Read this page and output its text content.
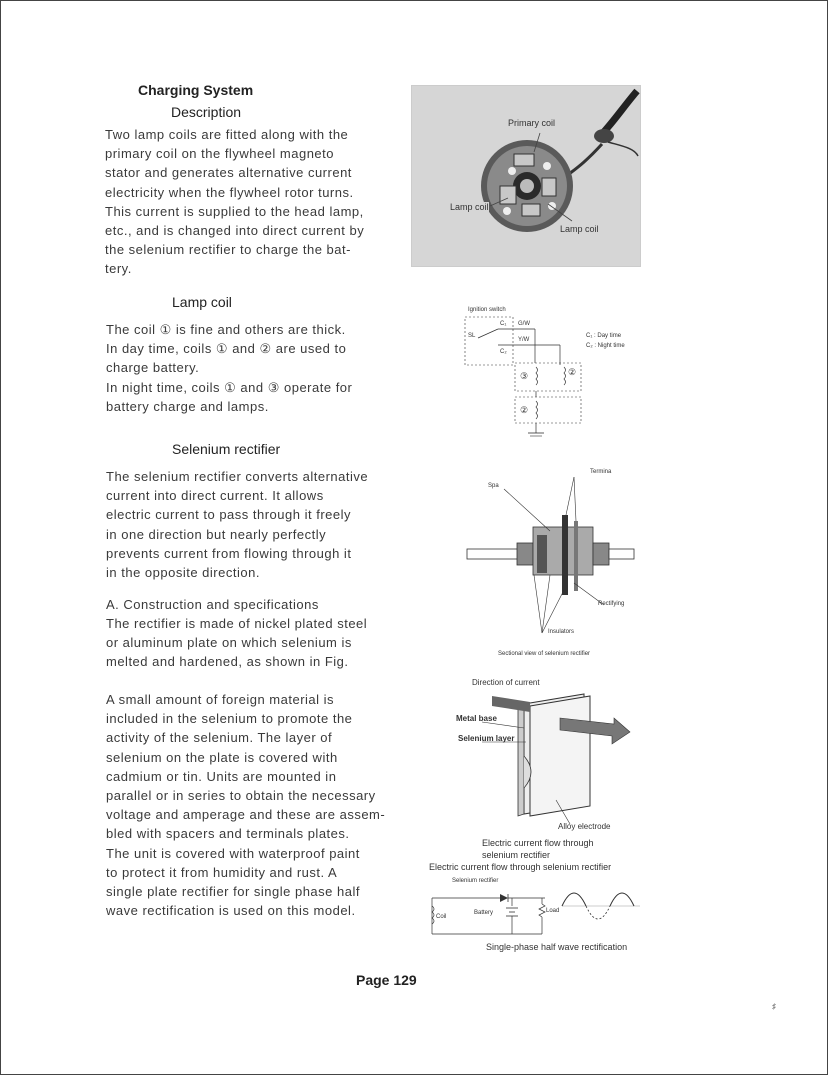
Charging System
Description
Two lamp coils are fitted along with the
primary coil on the flywheel magneto
stator and generates alternative current
electricity when the flywheel rotor turns.
This current is supplied to the head lamp,
etc., and is changed into direct current by
the selenium rectifier to charge the bat-
tery.
Lamp coil
The coil ① is fine and others are thick.
In day time, coils ① and ② are used to
charge battery.
In night time, coils ① and ③ operate for
battery charge and lamps.
Selenium rectifier
The selenium rectifier converts alternative
current into direct current. It allows
electric current to pass through it freely
in one direction but nearly perfectly
prevents current from flowing through it
in the opposite direction.
A. Construction and specifications
The rectifier is made of nickel plated steel
or aluminum plate on which selenium is
melted and hardened, as shown in Fig.
A small amount of foreign material is
included in the selenium to promote the
activity of the selenium. The layer of
selenium on the plate is covered with
cadmium or tin. Units are mounted in
parallel or in series to obtain the necessary
voltage and amperage and these are assem-
bled with spacers and terminals plates.
The unit is covered with waterproof paint
to protect it from humidity and rust. A
single plate rectifier for single phase half
wave rectification is used on this model.
Primary coil
Lamp coil
Lamp coil
Ignition switch
SL
C₁
C₂
G/W
Y/W
C₁ : Day time
C₂ : Night time
③	②
②
Spa
Termina
Rectifying
Insulators
Sectional view of selenium rectifier
Direction of current
Metal base
Selenium layer
Alloy electrode
Electric current flow through
selenium rectifier
Electric current flow through selenium rectifier
Selenium rectifier
Coil
Battery	Load
Single-phase half wave rectification
Page 129
♯
